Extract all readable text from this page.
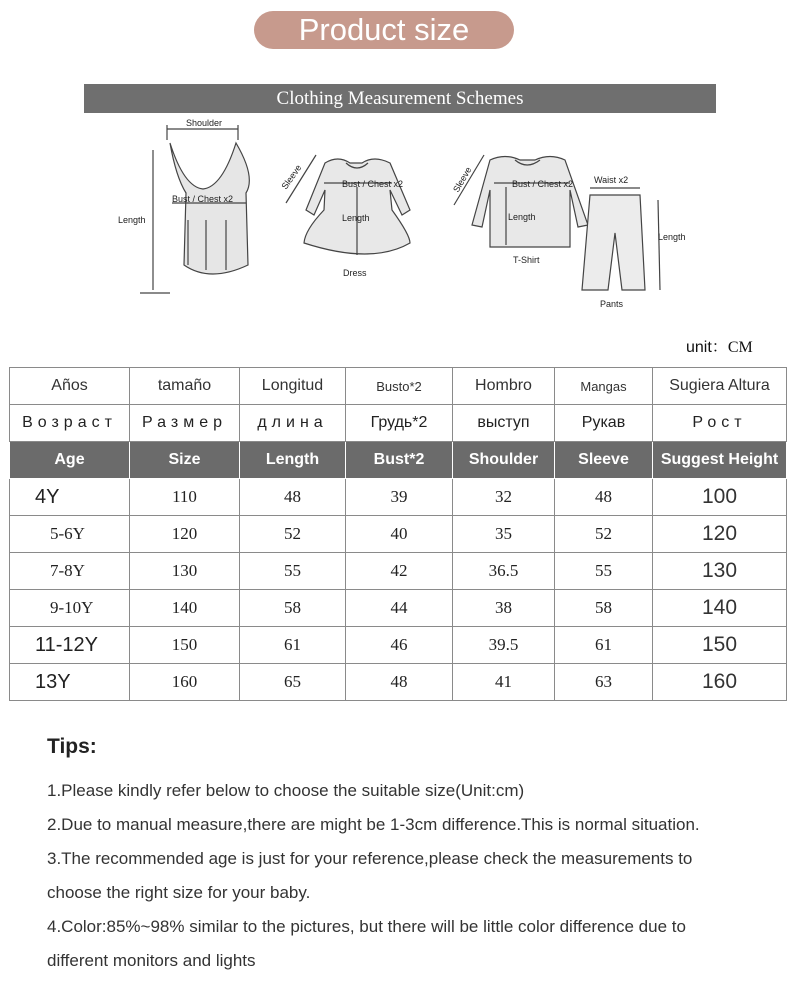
Product size
Clothing Measurement Schemes
Shoulder
Bust / Chest x2
Length
Sleeve	Bust / Chest x2
Length
Dress
Sleeve	Bust / Chest x2
Length
T-Shirt
Waist x2
Length
Pants
unit：CM
Años	tamaño	Longitud	Busto*2	Hombro	Mangas	Sugiera Altura
Возраст	Размер	длина	Грудь*2	выступ	Рукав	Рост
Age	Size	Length	Bust*2	Shoulder	Sleeve	Suggest Height
4Y	110	48	39	32	48	100
5-6Y	120	52	40	35	52	120
7-8Y	130	55	42	36.5	55	130
9-10Y	140	58	44	38	58	140
11-12Y	150	61	46	39.5	61	150
13Y	160	65	48	41	63	160
Tips:
1.Please kindly refer below to choose the suitable size(Unit:cm)
2.Due to manual measure,there are might be 1-3cm difference.This is normal situation.
3.The recommended age is just for your reference,please check the measurements to
choose the right size for your baby.
4.Color:85%~98% similar to the pictures, but there will be little color difference due to
different monitors and lights
